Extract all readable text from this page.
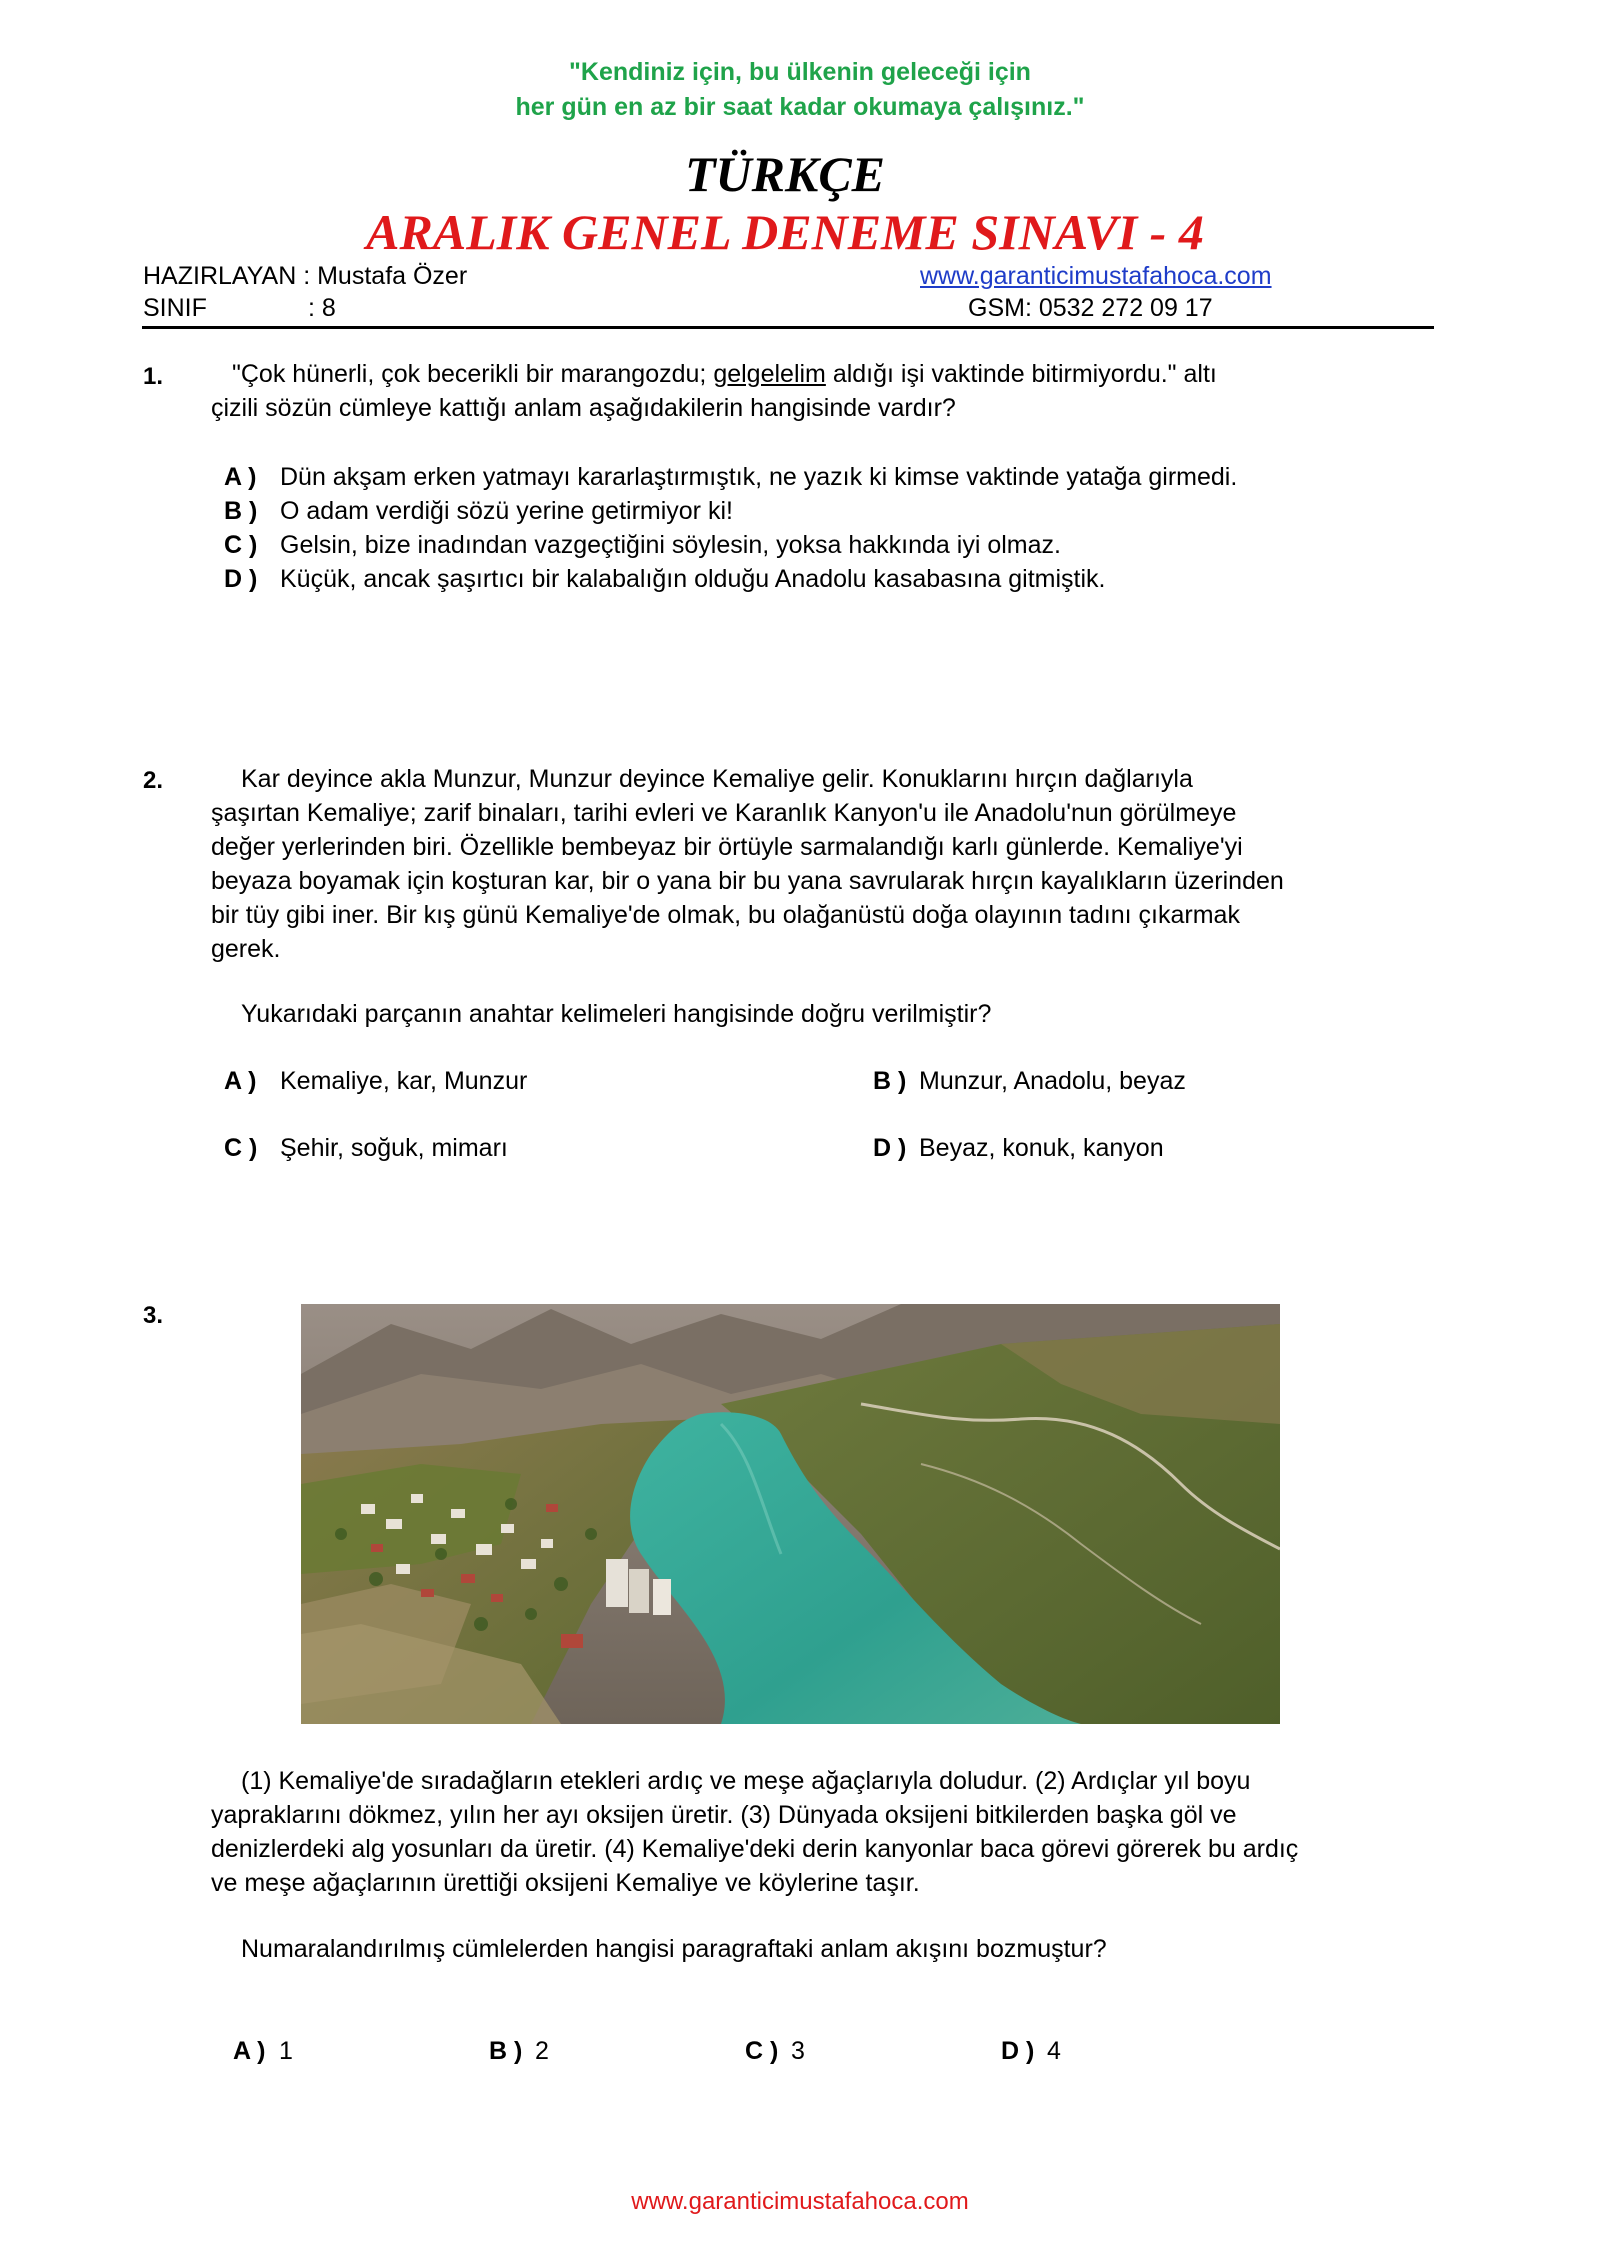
"Kendiniz için, bu ülkenin geleceği için
her gün en az bir saat kadar okumaya çalışınız."
TÜRKÇE
ARALIK GENEL DENEME SINAVI - 4
HAZIRLAYAN : Mustafa Özer	www.garanticimustafahoca.com
SINIF	: 8	GSM: 0532 272 09 17
1.	"Çok hünerli, çok becerikli bir marangozdu; gelgelelim aldığı işi vaktinde bitirmiyordu." altı
çizili sözün cümleye kattığı anlam aşağıdakilerin hangisinde vardır?
A ) Dün akşam erken yatmayı kararlaştırmıştık, ne yazık ki kimse vaktinde yatağa girmedi.
B ) O adam verdiği sözü yerine getirmiyor ki!
C ) Gelsin, bize inadından vazgeçtiğini söylesin, yoksa hakkında iyi olmaz.
D ) Küçük, ancak şaşırtıcı bir kalabalığın olduğu Anadolu kasabasına gitmiştik.
2.	Kar deyince akla Munzur, Munzur deyince Kemaliye gelir. Konuklarını hırçın dağlarıyla
şaşırtan Kemaliye; zarif binaları, tarihi evleri ve Karanlık Kanyon'u ile Anadolu'nun görülmeye
değer yerlerinden biri. Özellikle bembeyaz bir örtüyle sarmalandığı karlı günlerde. Kemaliye'yi
beyaza boyamak için koşturan kar, bir o yana bir bu yana savrularak hırçın kayalıkların üzerinden
bir tüy gibi iner. Bir kış günü Kemaliye'de olmak, bu olağanüstü doğa olayının tadını çıkarmak
gerek.
Yukarıdaki parçanın anahtar kelimeleri hangisinde doğru verilmiştir?
A ) Kemaliye, kar, Munzur	B ) Munzur, Anadolu, beyaz
C ) Şehir, soğuk, mimarı	D ) Beyaz, konuk, kanyon
3.
(1) Kemaliye'de sıradağların etekleri ardıç ve meşe ağaçlarıyla doludur. (2) Ardıçlar yıl boyu
yapraklarını dökmez, yılın her ayı oksijen üretir. (3) Dünyada oksijeni bitkilerden başka göl ve
denizlerdeki alg yosunları da üretir. (4) Kemaliye'deki derin kanyonlar baca görevi görerek bu ardıç
ve meşe ağaçlarının ürettiği oksijeni Kemaliye ve köylerine taşır.
Numaralandırılmış cümlelerden hangisi paragraftaki anlam akışını bozmuştur?
A ) 1	B ) 2	C ) 3	D ) 4
www.garanticimustafahoca.com
